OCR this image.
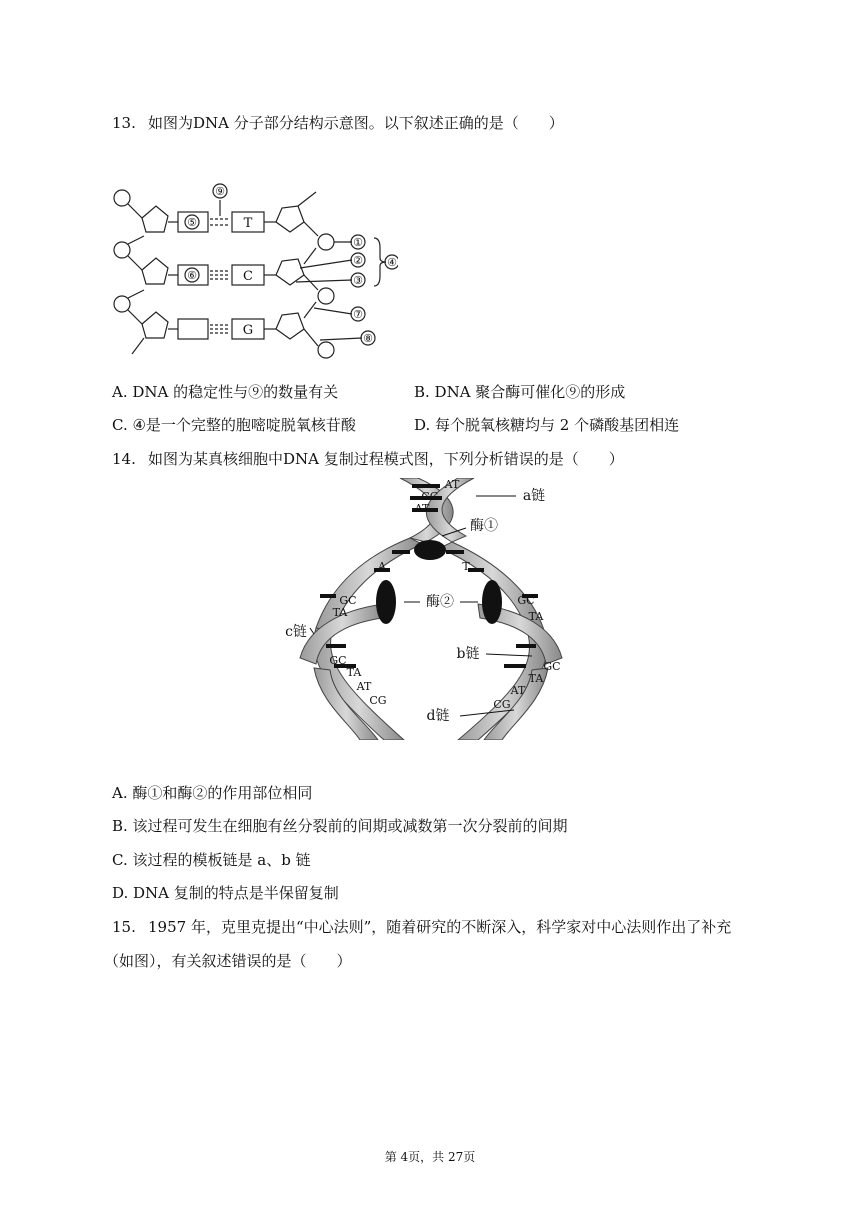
13. 如图为DNA 分子部分结构示意图。以下叙述正确的是（　　）
⑨
⑤
⑥
①
②
③
④
⑦
⑧
T
C
G
A. DNA 的稳定性与⑨的数量有关	B. DNA 聚合酶可催化⑨的形成
C. ④是一个完整的胞嘧啶脱氧核苷酸	D. 每个脱氧核糖均与 2 个磷酸基团相连
14. 如图为某真核细胞中DNA 复制过程模式图，下列分析错误的是（　　）
AT
CG
AT
A	T
GC
TA
GC
TA
GC
TA
AT
CG
GC
TA
AT
CG
a链
酶①
酶②
c链
b链
d链
A. 酶①和酶②的作用部位相同
B. 该过程可发生在细胞有丝分裂前的间期或减数第一次分裂前的间期
C. 该过程的模板链是 a、b 链
D. DNA 复制的特点是半保留复制
15. 1957 年，克里克提出“中心法则”，随着研究的不断深入，科学家对中心法则作出了补充
（如图），有关叙述错误的是（　　）
第 4页，共 27页
